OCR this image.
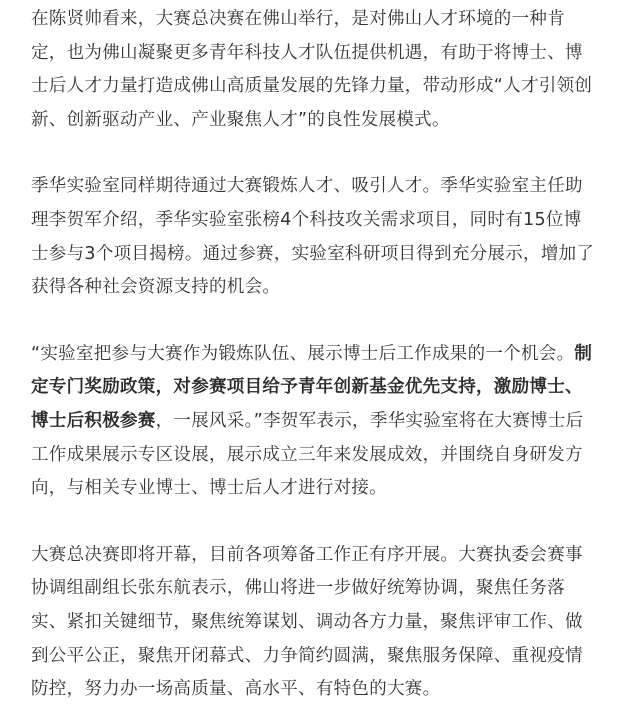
在陈贤帅看来，大赛总决赛在佛山举行，是对佛山人才环境的一种肯定，也为佛山凝聚更多青年科技人才队伍提供机遇，有助于将博士、博士后人才力量打造成佛山高质量发展的先锋力量，带动形成“人才引领创新、创新驱动产业、产业聚焦人才”的良性发展模式。

季华实验室同样期待通过大赛锻炼人才、吸引人才。季华实验室主任助理李贺军介绍，季华实验室张榜4个科技攻关需求项目，同时有15位博士参与3个项目揭榜。通过参赛，实验室科研项目得到充分展示，增加了获得各种社会资源支持的机会。

“实验室把参与大赛作为锻炼队伍、展示博士后工作成果的一个机会。制定专门奖励政策，对参赛项目给予青年创新基金优先支持，激励博士、博士后积极参赛，一展风采。”李贺军表示，季华实验室将在大赛博士后工作成果展示专区设展，展示成立三年来发展成效，并围绕自身研发方向，与相关专业博士、博士后人才进行对接。

大赛总决赛即将开幕，目前各项筹备工作正有序开展。大赛执委会赛事协调组副组长张东航表示，佛山将进一步做好统筹协调，聚焦任务落实、紧扣关键细节，聚焦统筹谋划、调动各方力量，聚焦评审工作、做到公平公正，聚焦开闭幕式、力争简约圆满，聚焦服务保障、重视疫情防控，努力办一场高质量、高水平、有特色的大赛。
